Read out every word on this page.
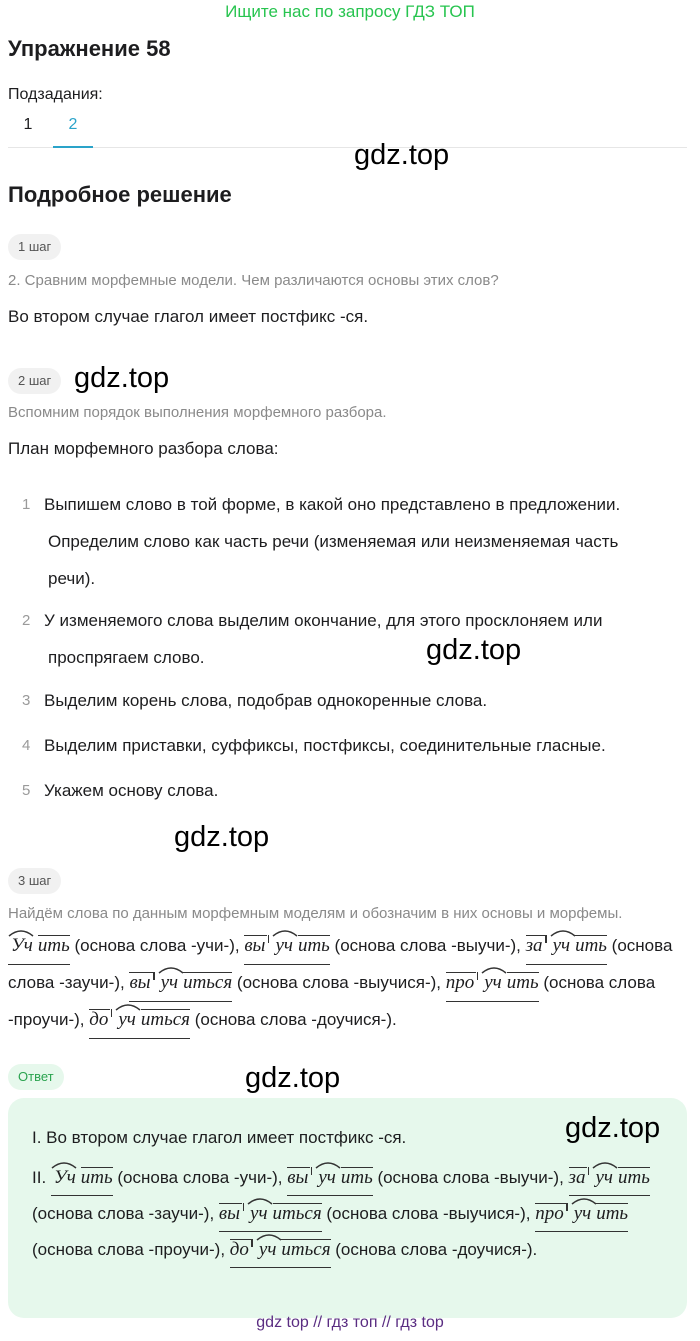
Ищите нас по запросу ГДЗ ТОП
Упражнение 58
Подзадания:
1	2
gdz.top
Подробное решение
1 шаг
2. Сравним морфемные модели. Чем различаются основы этих слов?
Во втором случае глагол имеет постфикс -ся.
2 шаг gdz.top
Вспомним порядок выполнения морфемного разбора.
План морфемного разбора слова:
1 Выпишем слово в той форме, в какой оно представлено в предложении.
Определим слово как часть речи (изменяемая или неизменяемая часть
речи).
2 У изменяемого слова выделим окончание, для этого просклоняем или
проспрягаем слово.
3 Выделим корень слова, подобрав однокоренные слова.
4 Выделим приставки, суффиксы, постфиксы, соединительные гласные.
5 Укажем основу слова.
gdz.top
gdz.top
3 шаг
Найдём слова по данным морфемным моделям и обозначим в них основы и морфемы.
Уч ить (основа слова -учи-), вы уч ить (основа слова -выучи-), за уч ить (основа слова -заучи-), вы уч иться (основа слова -выучися-), про уч ить (основа слова -проучи-), до уч иться (основа слова -доучися-).
Ответ	gdz.top
I. Во втором случае глагол имеет постфикс -ся.	gdz.top
II. Уч ить (основа слова -учи-), вы уч ить (основа слова -выучи-), за уч ить (основа слова -заучи-), вы уч иться (основа слова -выучися-), про уч ить (основа слова -проучи-), до уч иться (основа слова -доучися-).
gdz top // гдз топ // гдз top
